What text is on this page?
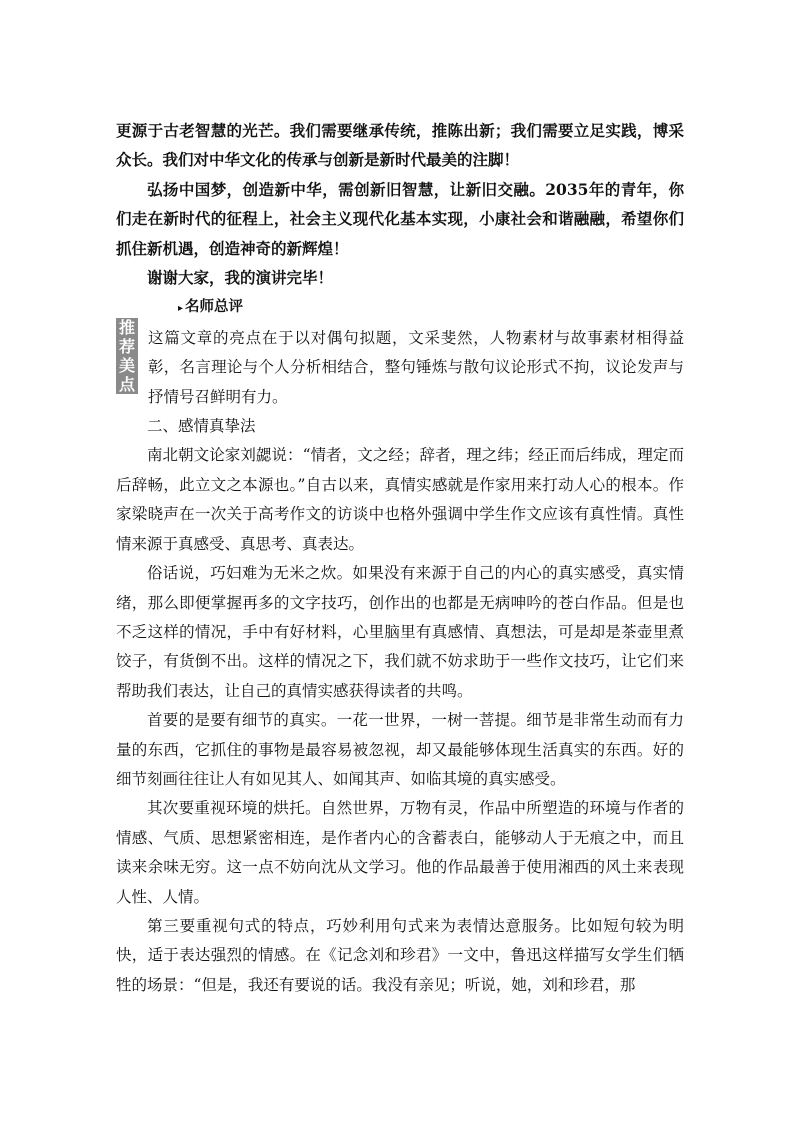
更源于古老智慧的光芒。我们需要继承传统，推陈出新；我们需要立足实践，博采众长。我们对中华文化的传承与创新是新时代最美的注脚！

弘扬中国梦，创造新中华，需创新旧智慧，让新旧交融。2035年的青年，你们走在新时代的征程上，社会主义现代化基本实现，小康社会和谐融融，希望你们抓住新机遇，创造神奇的新辉煌！

谢谢大家，我的演讲完毕！

▸ 名师总评

推
荐
美
点

这篇文章的亮点在于以对偶句拟题，文采斐然，人物素材与故事素材相得益彰，名言理论与个人分析相结合，整句锤炼与散句议论形式不拘，议论发声与抒情号召鲜明有力。

二、感情真挚法

南北朝文论家刘勰说：“情者，文之经；辞者，理之纬；经正而后纬成，理定而后辞畅，此立文之本源也。”自古以来，真情实感就是作家用来打动人心的根本。作家梁晓声在一次关于高考作文的访谈中也格外强调中学生作文应该有真性情。真性情来源于真感受、真思考、真表达。

俗话说，巧妇难为无米之炊。如果没有来源于自己的内心的真实感受，真实情绪，那么即便掌握再多的文字技巧，创作出的也都是无病呻吟的苍白作品。但是也不乏这样的情况，手中有好材料，心里脑里有真感情、真想法，可是却是茶壶里煮饺子，有货倒不出。这样的情况之下，我们就不妨求助于一些作文技巧，让它们来帮助我们表达，让自己的真情实感获得读者的共鸣。

首要的是要有细节的真实。一花一世界，一树一菩提。细节是非常生动而有力量的东西，它抓住的事物是最容易被忽视，却又最能够体现生活真实的东西。好的细节刻画往往让人有如见其人、如闻其声、如临其境的真实感受。

其次要重视环境的烘托。自然世界，万物有灵，作品中所塑造的环境与作者的情感、气质、思想紧密相连，是作者内心的含蓄表白，能够动人于无痕之中，而且读来余味无穷。这一点不妨向沈从文学习。他的作品最善于使用湘西的风土来表现人性、人情。

第三要重视句式的特点，巧妙利用句式来为表情达意服务。比如短句较为明快，适于表达强烈的情感。在《记念刘和珍君》一文中，鲁迅这样描写女学生们牺牲的场景：“但是，我还有要说的话。我没有亲见；听说，她，刘和珍君，那
